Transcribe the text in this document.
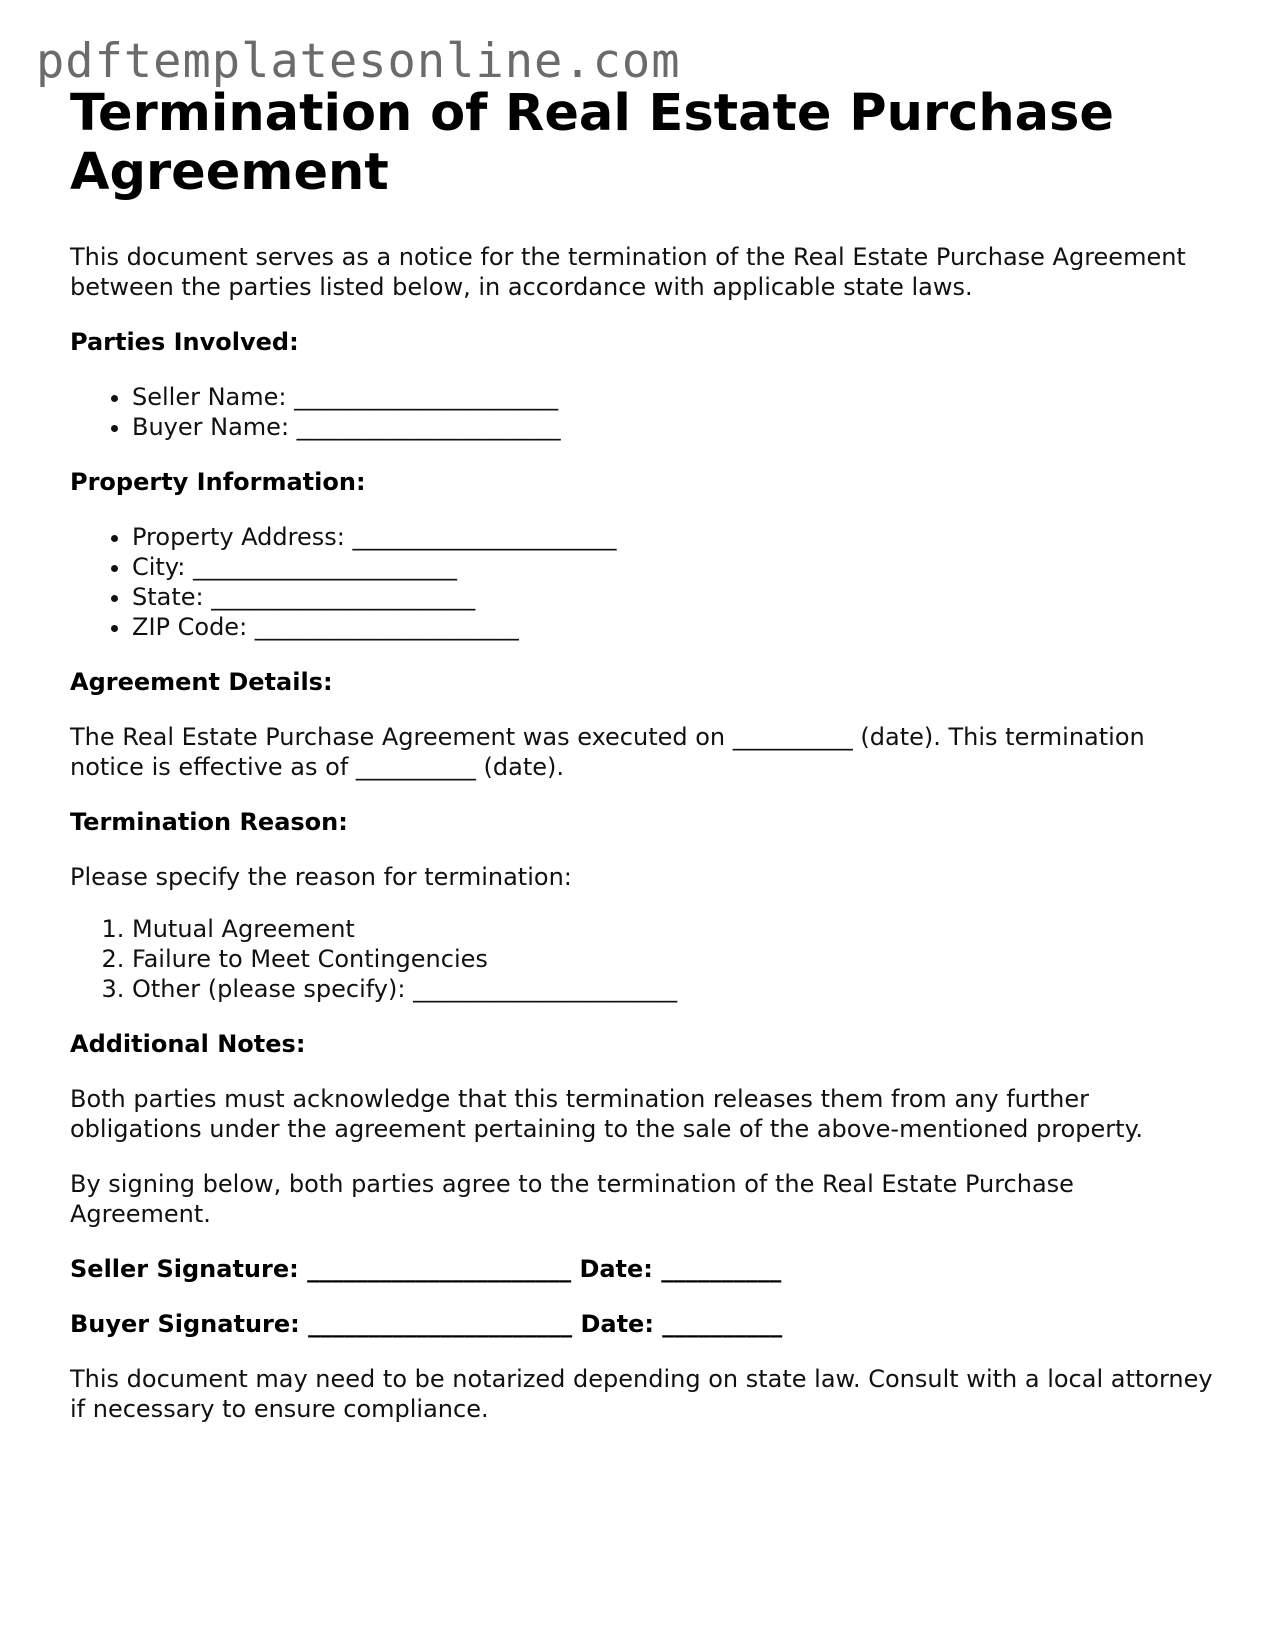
pdftemplatesonline.com
Termination of Real Estate Purchase Agreement

This document serves as a notice for the termination of the Real Estate Purchase Agreement between the parties listed below, in accordance with applicable state laws.

Parties Involved:
• Seller Name: ______________________
• Buyer Name: ______________________
Property Information:
• Property Address: ______________________
• City: ______________________
• State: ______________________
• ZIP Code: ______________________
Agreement Details:

The Real Estate Purchase Agreement was executed on __________ (date). This termination notice is effective as of __________ (date).

Termination Reason:

Please specify the reason for termination:

1. Mutual Agreement
2. Failure to Meet Contingencies
3. Other (please specify): ______________________
Additional Notes:

Both parties must acknowledge that this termination releases them from any further obligations under the agreement pertaining to the sale of the above-mentioned property.

By signing below, both parties agree to the termination of the Real Estate Purchase Agreement.

Seller Signature: ______________________ Date: __________
Buyer Signature: ______________________ Date: __________

This document may need to be notarized depending on state law. Consult with a local attorney if necessary to ensure compliance.
